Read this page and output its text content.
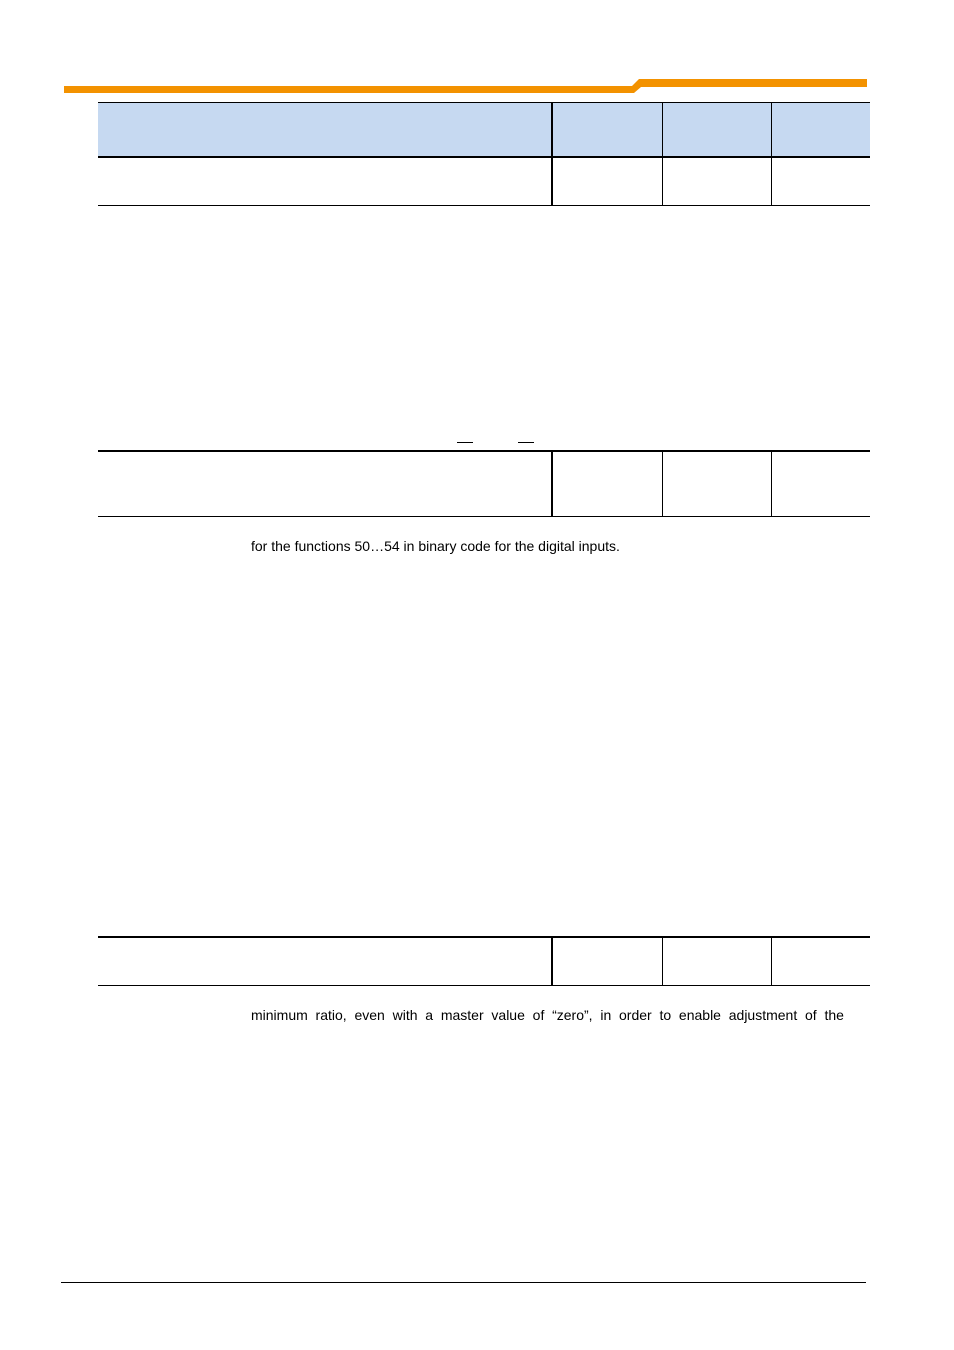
for the functions 50…54 in binary code for the digital inputs.
minimum  ratio,  even  with  a  master  value  of  “zero”,  in  order  to  enable  adjustment  of  the
